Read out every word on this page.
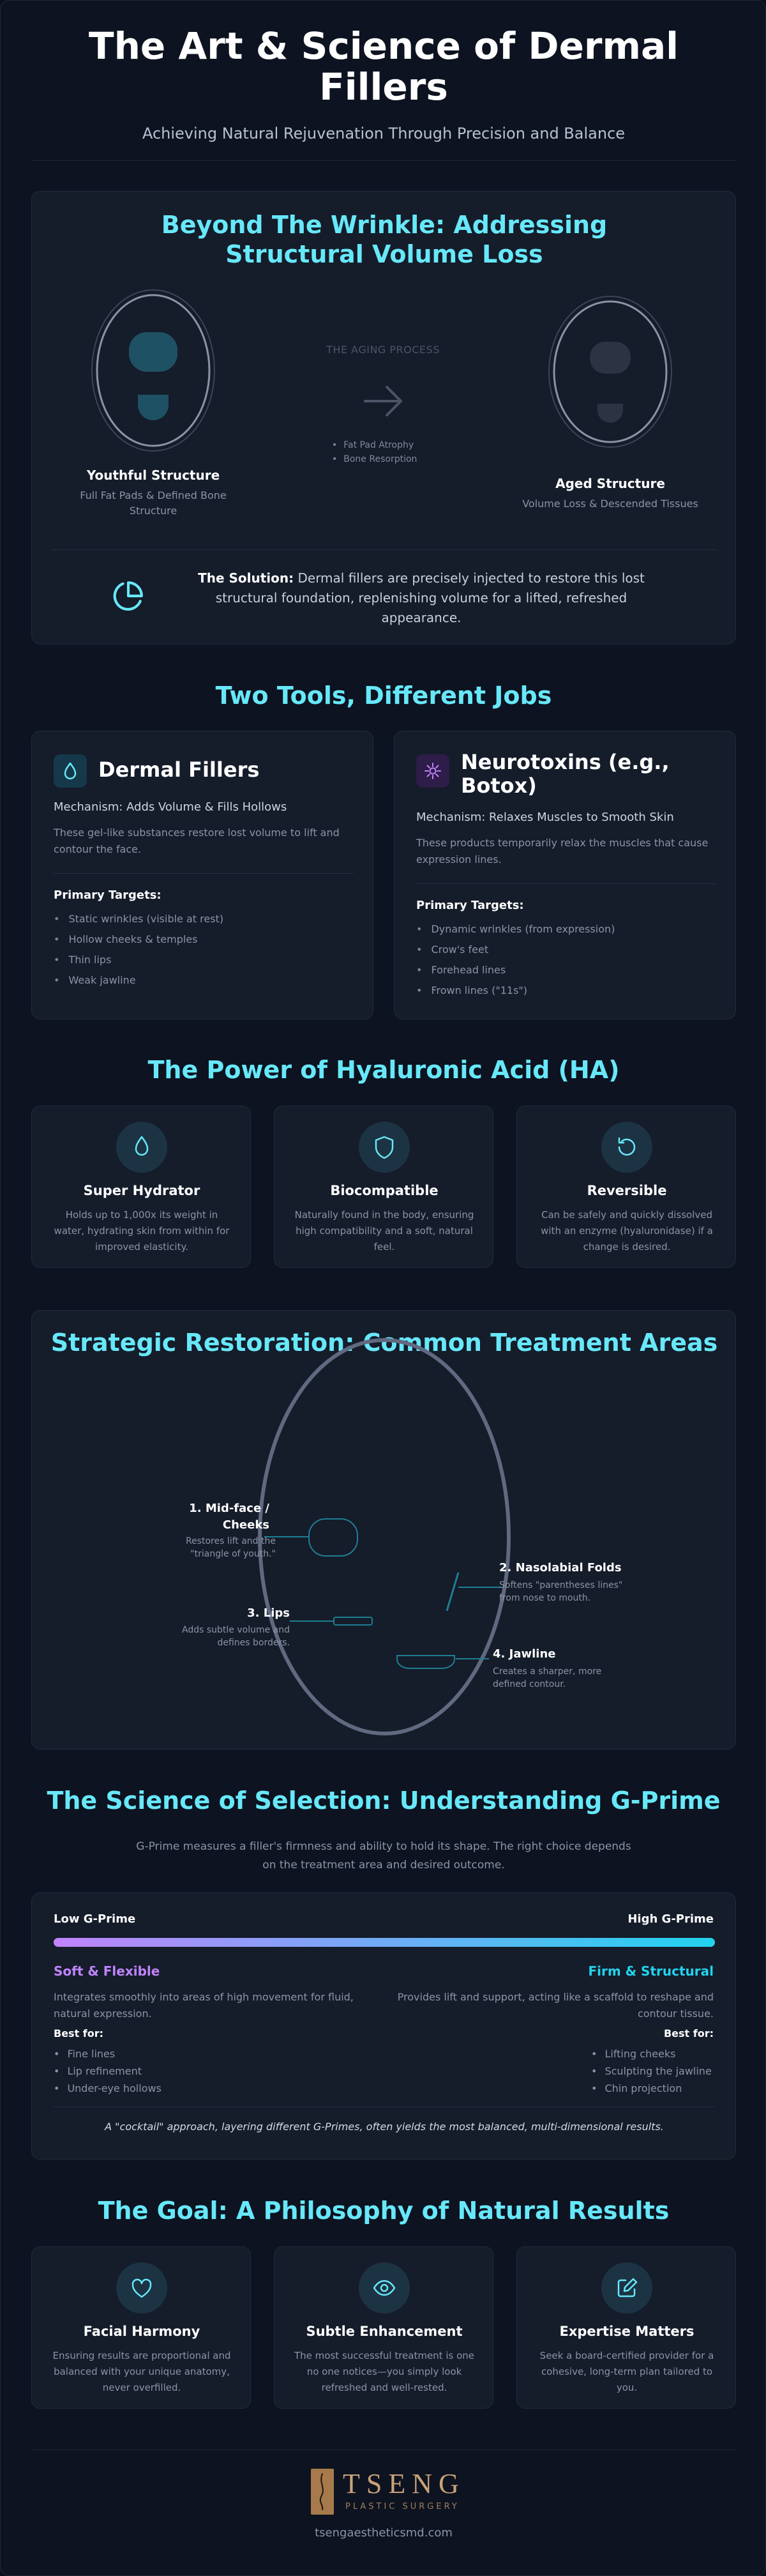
The Art & Science of Dermal Fillers
Achieving Natural Rejuvenation Through Precision and Balance
Beyond The Wrinkle: Addressing Structural Volume Loss
Youthful Structure
Full Fat Pads & Defined Bone Structure
THE AGING PROCESS
• Fat Pad Atrophy
• Bone Resorption
Aged Structure
Volume Loss & Descended Tissues
The Solution: Dermal fillers are precisely injected to restore this lost structural foundation, replenishing volume for a lifted, refreshed appearance.
Two Tools, Different Jobs
Dermal Fillers
Mechanism: Adds Volume & Fills Hollows
These gel-like substances restore lost volume to lift and contour the face.
Primary Targets:
• Static wrinkles (visible at rest)
• Hollow cheeks & temples
• Thin lips
• Weak jawline
Neurotoxins (e.g., Botox)
Mechanism: Relaxes Muscles to Smooth Skin
These products temporarily relax the muscles that cause expression lines.
Primary Targets:
• Dynamic wrinkles (from expression)
• Crow's feet
• Forehead lines
• Frown lines ("11s")
The Power of Hyaluronic Acid (HA)
Super Hydrator
Holds up to 1,000x its weight in water, hydrating skin from within for improved elasticity.
Biocompatible
Naturally found in the body, ensuring high compatibility and a soft, natural feel.
Reversible
Can be safely and quickly dissolved with an enzyme (hyaluronidase) if a change is desired.
Strategic Restoration: Common Treatment Areas
1. Mid-face / Cheeks
Restores lift and the "triangle of youth."
2. Nasolabial Folds
Softens "parentheses lines" from nose to mouth.
3. Lips
Adds subtle volume and defines borders.
4. Jawline
Creates a sharper, more defined contour.
The Science of Selection: Understanding G-Prime
G-Prime measures a filler's firmness and ability to hold its shape. The right choice depends on the treatment area and desired outcome.
Low G-Prime	High G-Prime
Soft & Flexible
Integrates smoothly into areas of high movement for fluid, natural expression.
Best for:
• Fine lines
• Lip refinement
• Under-eye hollows
Firm & Structural
Provides lift and support, acting like a scaffold to reshape and contour tissue.
Best for:
• Lifting cheeks
• Sculpting the jawline
• Chin projection
A "cocktail" approach, layering different G-Primes, often yields the most balanced, multi-dimensional results.
The Goal: A Philosophy of Natural Results
Facial Harmony
Ensuring results are proportional and balanced with your unique anatomy, never overfilled.
Subtle Enhancement
The most successful treatment is one no one notices—you simply look refreshed and well-rested.
Expertise Matters
Seek a board-certified provider for a cohesive, long-term plan tailored to you.
TSENG
PLASTIC SURGERY
tsengaestheticsmd.com
